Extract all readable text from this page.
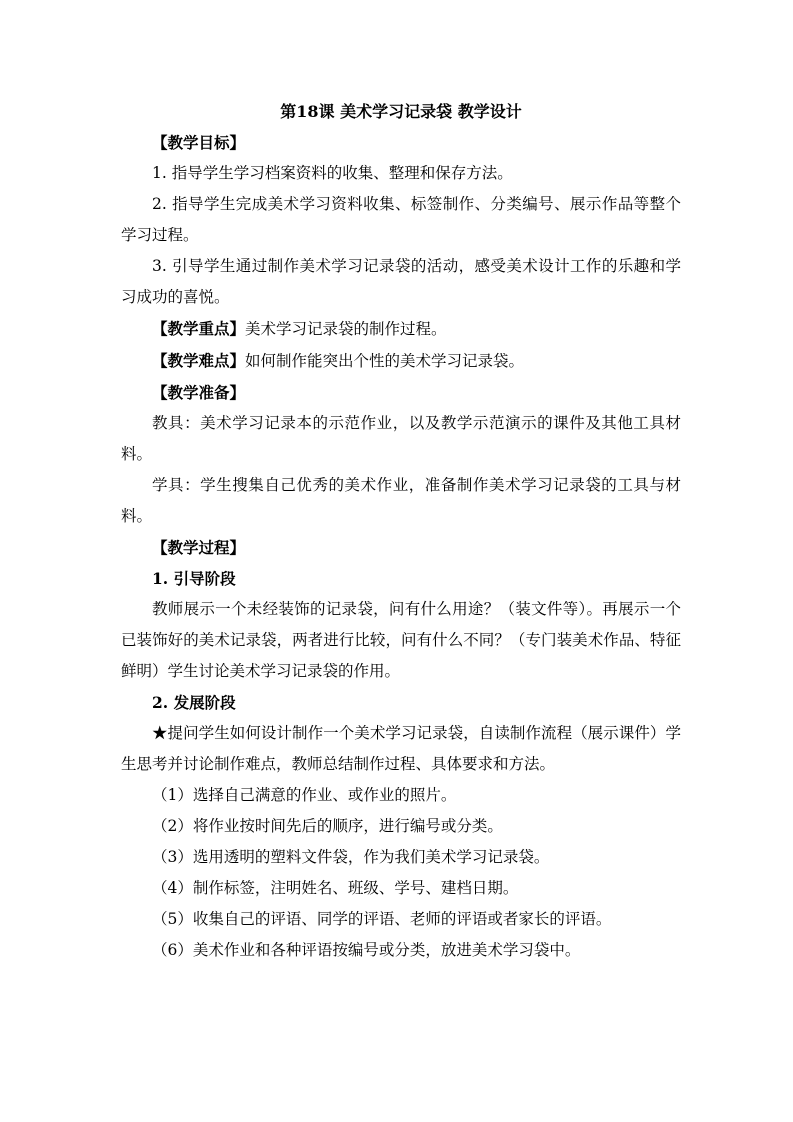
第18课 美术学习记录袋 教学设计

【教学目标】

1. 指导学生学习档案资料的收集、整理和保存方法。

2. 指导学生完成美术学习资料收集、标签制作、分类编号、展示作品等整个学习过程。

3. 引导学生通过制作美术学习记录袋的活动，感受美术设计工作的乐趣和学习成功的喜悦。

【教学重点】美术学习记录袋的制作过程。

【教学难点】如何制作能突出个性的美术学习记录袋。

【教学准备】

教具：美术学习记录本的示范作业，以及教学示范演示的课件及其他工具材料。

学具：学生搜集自己优秀的美术作业，准备制作美术学习记录袋的工具与材料。

【教学过程】

1. 引导阶段

教师展示一个未经装饰的记录袋，问有什么用途？（装文件等）。再展示一个已装饰好的美术记录袋，两者进行比较，问有什么不同？（专门装美术作品、特征鲜明）学生讨论美术学习记录袋的作用。

2. 发展阶段

★提问学生如何设计制作一个美术学习记录袋，自读制作流程（展示课件）学生思考并讨论制作难点，教师总结制作过程、具体要求和方法。

（1）选择自己满意的作业、或作业的照片。

（2）将作业按时间先后的顺序，进行编号或分类。

（3）选用透明的塑料文件袋，作为我们美术学习记录袋。

（4）制作标签，注明姓名、班级、学号、建档日期。

（5）收集自己的评语、同学的评语、老师的评语或者家长的评语。

（6）美术作业和各种评语按编号或分类，放进美术学习袋中。
